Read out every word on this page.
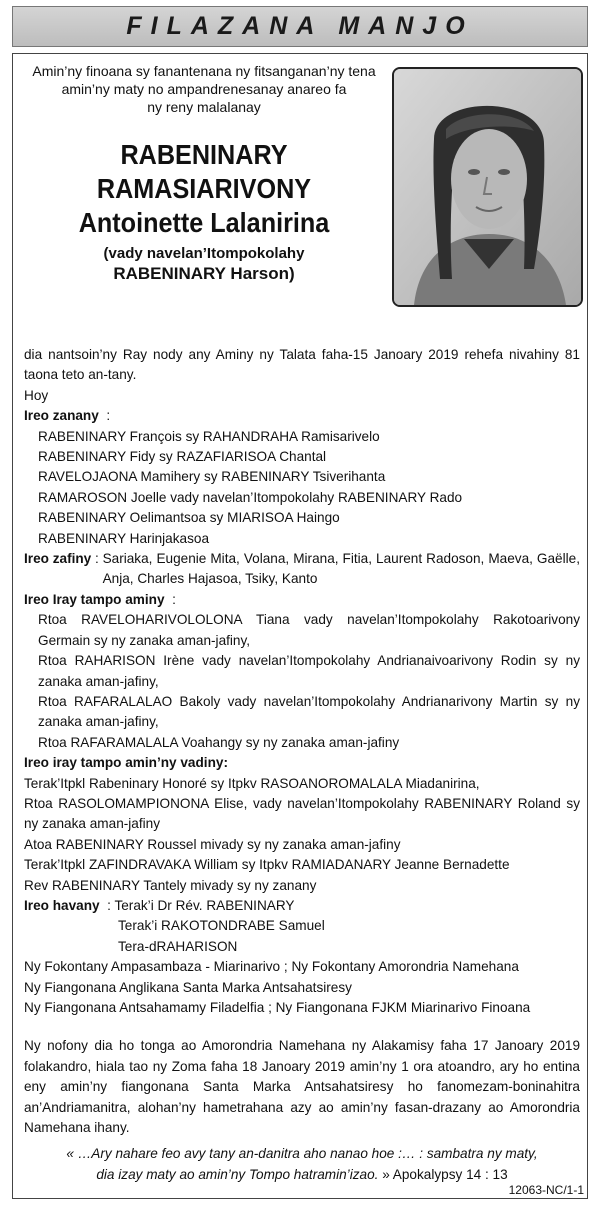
FILAZANA MANJO

Amin’ny finoana sy fanantenana ny fitsanganan’ny tena

amin’ny maty no ampandrenesanay anareo fa

ny reny malalanay

RABENINARY

RAMASIARIVONY

Antoinette Lalanirina

(vady navelan’Itompokolahy

RABENINARY Harson)

dia nantsoin’ny Ray nody any Aminy ny Talata faha-15 Janoary 2019 rehefa nivahiny 81 taona teto an-tany.

Hoy

Ireo zanany  :

RABENINARY François sy RAHANDRAHA Ramisarivelo

RABENINARY Fidy sy RAZAFIARISOA Chantal

RAVELOJAONA Mamihery sy RABENINARY Tsiverihanta

RAMAROSON Joelle vady navelan’Itompokolahy RABENINARY Rado

RABENINARY Oelimantsoa sy MIARISOA Haingo

RABENINARY Harinjakasoa

Ireo zafiny : Sariaka, Eugenie Mita, Volana, Mirana, Fitia, Laurent Radoson, Maeva, Gaëlle, Anja, Charles Hajasoa, Tsiky, Kanto

Ireo Iray tampo aminy  :

Rtoa RAVELOHARIVOLOLONA Tiana vady navelan’Itompokolahy Rakotoarivony Germain sy ny zanaka aman-jafiny,

Rtoa RAHARISON Irène vady navelan’Itompokolahy Andrianaivoarivony Rodin sy ny zanaka aman-jafiny,

Rtoa RAFARALALAO Bakoly vady navelan’Itompokolahy Andrianarivony Martin sy ny zanaka aman-jafiny,

Rtoa RAFARAMALALA Voahangy sy ny zanaka aman-jafiny

Ireo iray tampo amin’ny vadiny:

Terak’Itpkl Rabeninary Honoré sy Itpkv RASOANOROMALALA Miadanirina,

Rtoa RASOLOMAMPIONONA Elise, vady navelan’Itompokolahy RABENINARY Roland sy ny zanaka aman-jafiny

Atoa RABENINARY Roussel mivady sy ny zanaka aman-jafiny

Terak’Itpkl ZAFINDRAVAKA William sy Itpkv RAMIADANARY Jeanne Bernadette

Rev RABENINARY Tantely mivady sy ny zanany

Ireo havany  : Terak’i Dr Rév. RABENINARY

Terak’i RAKOTONDRABE Samuel

Tera-dRAHARISON

Ny Fokontany Ampasambaza - Miarinarivo ; Ny Fokontany Amorondria Namehana

Ny Fiangonana Anglikana Santa Marka Antsahatsiresy

Ny Fiangonana Antsahamamy Filadelfia ; Ny Fiangonana FJKM Miarinarivo Finoana

Ny nofony dia ho tonga ao Amorondria Namehana ny Alakamisy faha 17 Janoary 2019 folakandro, hiala tao ny Zoma faha 18 Janoary 2019 amin’ny 1 ora atoandro, ary ho entina eny amin’ny fiangonana Santa Marka Antsahatsiresy ho fanomezam-boninahitra an’Andriamanitra, alohan’ny hametrahana azy ao amin’ny fasan-drazany ao Amorondria Namehana ihany.

« …Ary nahare feo avy tany an-danitra aho nanao hoe :… : sambatra ny maty,

dia izay maty ao amin’ny Tompo hatramin’izao. » Apokalypsy 14 : 13

12063-NC/1-1
